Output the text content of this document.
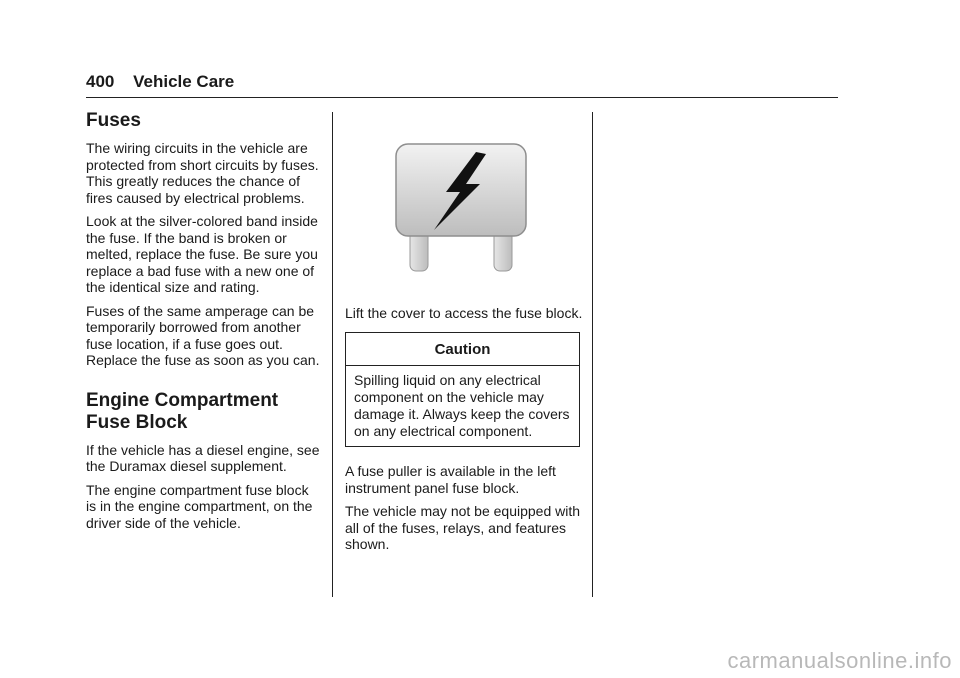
400 Vehicle Care
Fuses

The wiring circuits in the vehicle are protected from short circuits by fuses. This greatly reduces the chance of fires caused by electrical problems.

Look at the silver-colored band inside the fuse. If the band is broken or melted, replace the fuse. Be sure you replace a bad fuse with a new one of the identical size and rating.

Fuses of the same amperage can be temporarily borrowed from another fuse location, if a fuse goes out. Replace the fuse as soon as you can.

Engine Compartment
Fuse Block

If the vehicle has a diesel engine, see the Duramax diesel supplement.

The engine compartment fuse block is in the engine compartment, on the driver side of the vehicle.

Lift the cover to access the fuse block.

Caution
Spilling liquid on any electrical component on the vehicle may damage it. Always keep the covers on any electrical component.

A fuse puller is available in the left instrument panel fuse block.

The vehicle may not be equipped with all of the fuses, relays, and features shown.

carmanualsonline.info
